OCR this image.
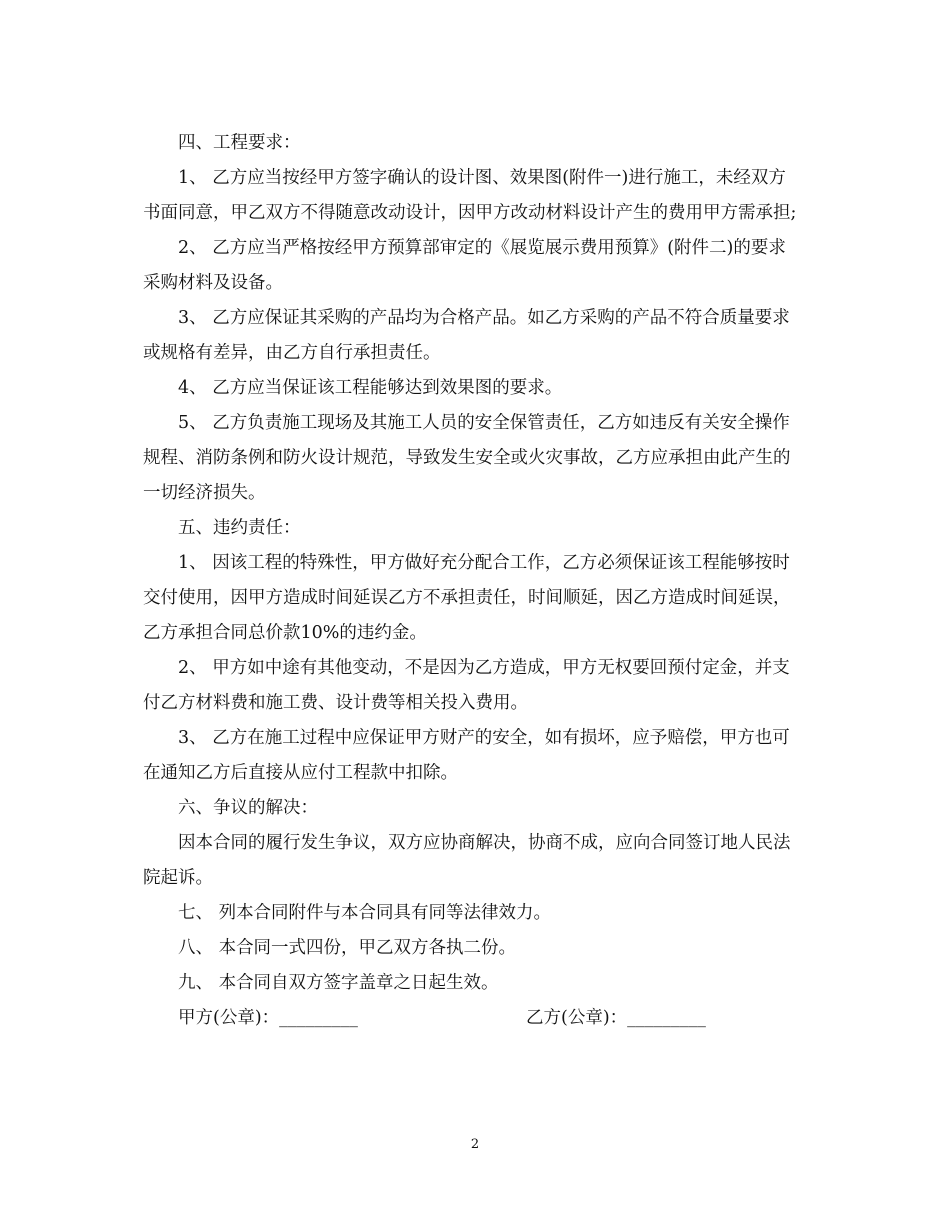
四、工程要求：

1、 乙方应当按经甲方签字确认的设计图、效果图(附件一)进行施工，未经双方书面同意，甲乙双方不得随意改动设计，因甲方改动材料设计产生的费用甲方需承担;

2、 乙方应当严格按经甲方预算部审定的《展览展示费用预算》(附件二)的要求采购材料及设备。

3、 乙方应保证其采购的产品均为合格产品。如乙方采购的产品不符合质量要求或规格有差异，由乙方自行承担责任。

4、 乙方应当保证该工程能够达到效果图的要求。

5、 乙方负责施工现场及其施工人员的安全保管责任，乙方如违反有关安全操作规程、消防条例和防火设计规范，导致发生安全或火灾事故，乙方应承担由此产生的一切经济损失。

五、违约责任：

1、 因该工程的特殊性，甲方做好充分配合工作，乙方必须保证该工程能够按时交付使用，因甲方造成时间延误乙方不承担责任，时间顺延，因乙方造成时间延误，乙方承担合同总价款10%的违约金。

2、 甲方如中途有其他变动，不是因为乙方造成，甲方无权要回预付定金，并支付乙方材料费和施工费、设计费等相关投入费用。

3、 乙方在施工过程中应保证甲方财产的安全，如有损坏，应予赔偿，甲方也可在通知乙方后直接从应付工程款中扣除。

六、争议的解决：

因本合同的履行发生争议，双方应协商解决，协商不成，应向合同签订地人民法院起诉。

七、 列本合同附件与本合同具有同等法律效力。

八、 本合同一式四份，甲乙双方各执二份。

九、 本合同自双方签字盖章之日起生效。

甲方(公章)：_________	乙方(公章)：_________
2
